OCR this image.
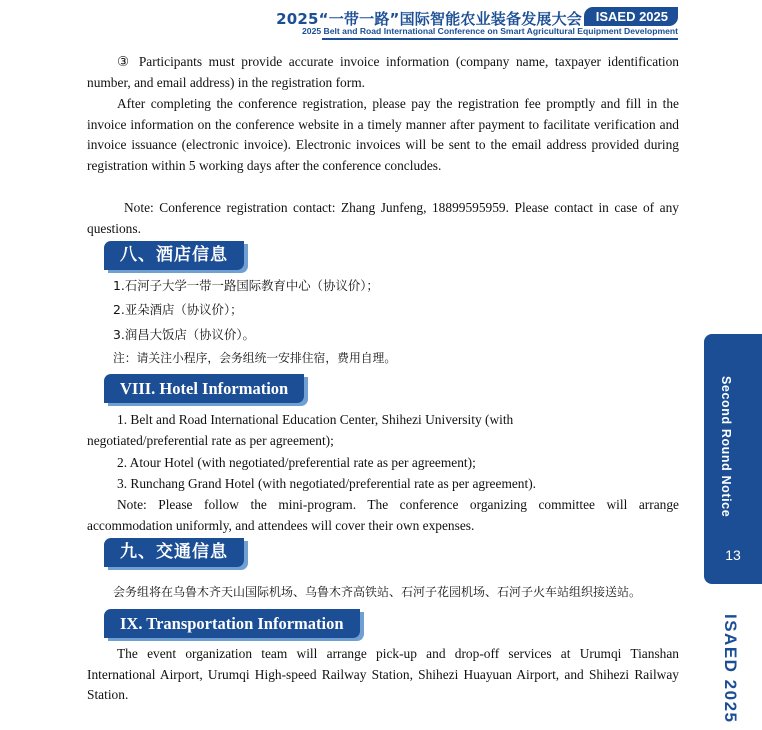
2025“一带一路”国际智能农业装备发展大会	ISAED 2025
2025 Belt and Road International Conference on Smart Agricultural Equipment Development
③ Participants must provide accurate invoice information (company name, taxpayer identification number, and email address) in the registration form.
After completing the conference registration, please pay the registration fee promptly and fill in the invoice information on the conference website in a timely manner after payment to facilitate verification and invoice issuance (electronic invoice). Electronic invoices will be sent to the email address provided during registration within 5 working days after the conference concludes.
Note: Conference registration contact: Zhang Junfeng, 18899595959. Please contact in case of any questions.
八、酒店信息
1.石河子大学一带一路国际教育中心（协议价）；
2.亚朵酒店（协议价）；
3.润昌大饭店（协议价）。
注：请关注小程序，会务组统一安排住宿，费用自理。
VIII. Hotel Information
1. Belt and Road International Education Center, Shihezi University (with
negotiated/preferential rate as per agreement);
2. Atour Hotel (with negotiated/preferential rate as per agreement);
3. Runchang Grand Hotel (with negotiated/preferential rate as per agreement).
Note: Please follow the mini-program. The conference organizing committee will arrange accommodation uniformly, and attendees will cover their own expenses.
九、交通信息
会务组将在乌鲁木齐天山国际机场、乌鲁木齐高铁站、石河子花园机场、石河子火车站组织接送站。
IX. Transportation Information
The event organization team will arrange pick-up and drop-off services at Urumqi Tianshan International Airport, Urumqi High-speed Railway Station, Shihezi Huayuan Airport, and Shihezi Railway Station.
Second Round Notice
13
ISAED 2025
